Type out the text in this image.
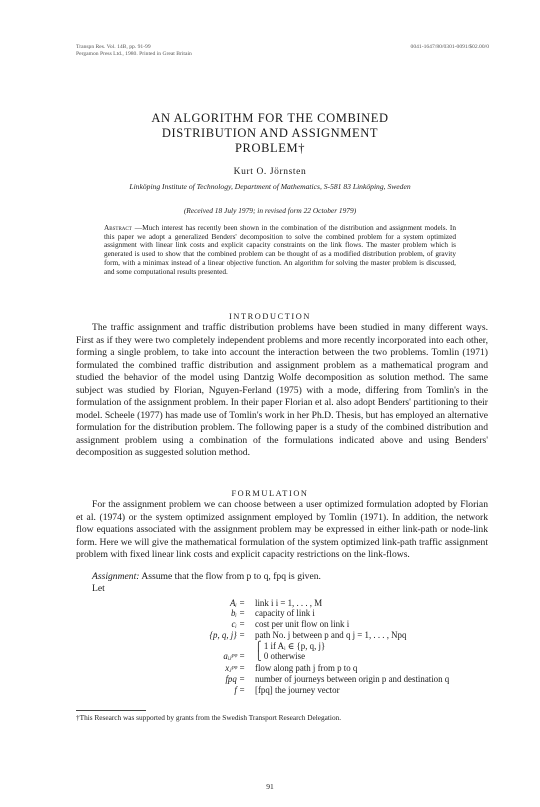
Transpn Res. Vol. 14B, pp. 91-99
Pergamon Press Ltd., 1980. Printed in Great Britain
0041-1647/80/0301-0091/$02.00/0
AN ALGORITHM FOR THE COMBINED
DISTRIBUTION AND ASSIGNMENT
PROBLEM†
Kurt O. Jörnsten
Linköping Institute of Technology, Department of Mathematics, S-581 83 Linköping, Sweden
(Received 18 July 1979; in revised form 22 October 1979)
Abstract —Much interest has recently been shown in the combination of the distribution and assignment models. In this paper we adopt a generalized Benders' decomposition to solve the combined problem for a system optimized assignment with linear link costs and explicit capacity constraints on the link flows. The master problem which is generated is used to show that the combined problem can be thought of as a modified distribution problem, of gravity form, with a minimax instead of a linear objective function. An algorithm for solving the master problem is discussed, and some computational results presented.
INTRODUCTION

The traffic assignment and traffic distribution problems have been studied in many different ways. First as if they were two completely independent problems and more recently incorporated into each other, forming a single problem, to take into account the interaction between the two problems. Tomlin (1971) formulated the combined traffic distribution and assignment problem as a mathematical program and studied the behavior of the model using Dantzig Wolfe decomposition as solution method. The same subject was studied by Florian, Nguyen-Ferland (1975) with a mode, differing from Tomlin's in the formulation of the assignment problem. In their paper Florian et al. also adopt Benders' partitioning to their model. Scheele (1977) has made use of Tomlin's work in her Ph.D. Thesis, but has employed an alternative formulation for the distribution problem. The following paper is a study of the combined distribution and assignment problem using a combination of the formulations indicated above and using Benders' decomposition as suggested solution method.

FORMULATION

For the assignment problem we can choose between a user optimized formulation adopted by Florian et al. (1974) or the system optimized assignment employed by Tomlin (1971). In addition, the network flow equations associated with the assignment problem may be expressed in either link-path or node-link form. Here we will give the mathematical formulation of the system optimized link-path traffic assignment problem with fixed linear link costs and explicit capacity restrictions on the link-flows.

Assignment: Assume that the flow from p to q, fpq is given.
Let
Aᵢ = link i i = 1, . . . , M
bᵢ = capacity of link i
cᵢ = cost per unit flow on link i
{p, q, j} = path No. j between p and q j = 1, . . . , Npq
⎧ 1 if Aᵢ ∈ {p, q, j}
aᵢⱼᵖᵠ = ⎩ 0 otherwise
xⱼᵖᵠ = flow along path j from p to q
fpq = number of journeys between origin p and destination q
f = [fpq] the journey vector
†This Research was supported by grants from the Swedish Transport Research Delegation.
91
